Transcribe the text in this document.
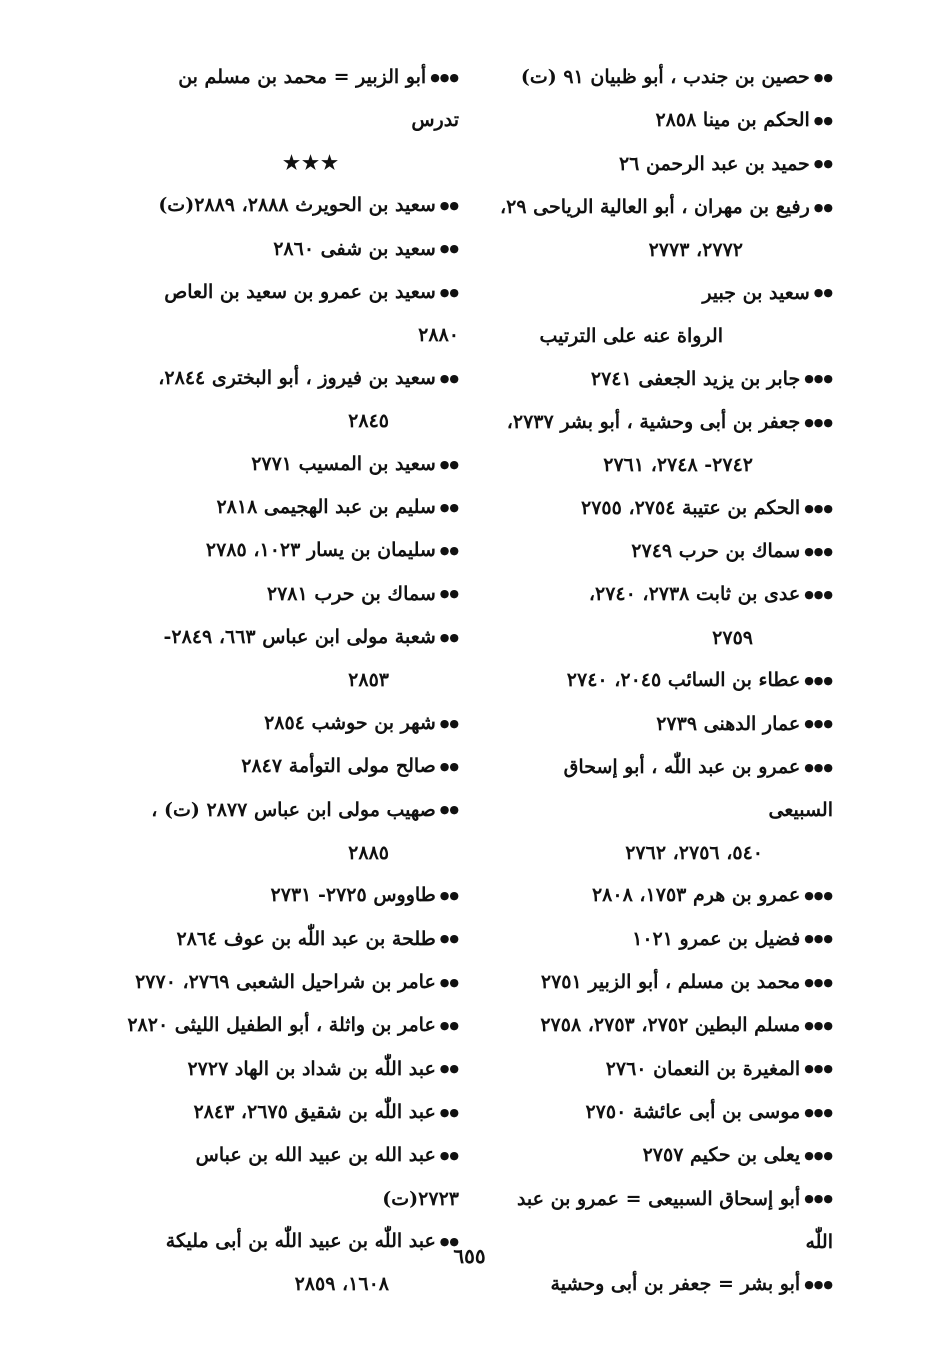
●●حصين بن جندب ، أبو ظبيان ٩١ (ت)
●●الحكم بن مينا ٢٨٥٨
●●حميد بن عبد الرحمن ٢٦
●●رفيع بن مهران ، أبو العالية الرياحى ٢٩،
٢٧٧٢، ٢٧٧٣
●●سعيد بن جبير
الرواة عنه على الترتيب
●●●جابر بن يزيد الجعفى ٢٧٤١
●●●جعفر بن أبى وحشية ، أبو بشر ٢٧٣٧،
٢٧٤٢- ٢٧٤٨، ٢٧٦١
●●●الحكم بن عتيبة ٢٧٥٤، ٢٧٥٥
●●●سماك بن حرب ٢٧٤٩
●●●عدى بن ثابت ٢٧٣٨، ٢٧٤٠،
٢٧٥٩
●●●عطاء بن السائب ٢٠٤٥، ٢٧٤٠
●●●عمار الدهنى ٢٧٣٩
●●●عمرو بن عبد اللّٰه ، أبو إسحاق السبيعى
٥٤٠، ٢٧٥٦، ٢٧٦٢
●●●عمرو بن هرم ١٧٥٣، ٢٨٠٨
●●●فضيل بن عمرو ١٠٢١
●●●محمد بن مسلم ، أبو الزبير ٢٧٥١
●●●مسلم البطين ٢٧٥٢، ٢٧٥٣، ٢٧٥٨
●●●المغيرة بن النعمان ٢٧٦٠
●●●موسى بن أبى عائشة ٢٧٥٠
●●●يعلى بن حكيم ٢٧٥٧
●●●أبو إسحاق السبيعى = عمرو بن عبد اللّٰه
●●●أبو بشر = جعفر بن أبى وحشية
●●●أبو الزبير = محمد بن مسلم بن تدرس
★★★
●●سعيد بن الحويرث ٢٨٨٨، ٢٨٨٩(ت)
●●سعيد بن شفى ٢٨٦٠
●●سعيد بن عمرو بن سعيد بن العاص ٢٨٨٠
●●سعيد بن فيروز ، أبو البخترى ٢٨٤٤،
٢٨٤٥
●●سعيد بن المسيب ٢٧٧١
●●سليم بن عبد الهجيمى ٢٨١٨
●●سليمان بن يسار ١٠٢٣، ٢٧٨٥
●●سماك بن حرب ٢٧٨١
●●شعبة مولى ابن عباس ٦٦٣، ٢٨٤٩-
٢٨٥٣
●●شهر بن حوشب ٢٨٥٤
●●صالح مولى التوأمة ٢٨٤٧
●●صهيب مولى ابن عباس ٢٨٧٧ (ت) ،
٢٨٨٥
●●طاووس ٢٧٢٥- ٢٧٣١
●●طلحة بن عبد اللّٰه بن عوف ٢٨٦٤
●●عامر بن شراحيل الشعبى ٢٧٦٩، ٢٧٧٠
●●عامر بن واثلة ، أبو الطفيل الليثى ٢٨٢٠
●●عبد اللّٰه بن شداد بن الهاد ٢٧٢٧
●●عبد اللّٰه بن شقيق ٢٦٧٥، ٢٨٤٣
●●عبد الله بن عبيد الله بن عباس ٢٧٢٣(ت)
●●عبد اللّٰه بن عبيد اللّٰه بن أبى مليكة
١٦٠٨، ٢٨٥٩
٦٥٥
